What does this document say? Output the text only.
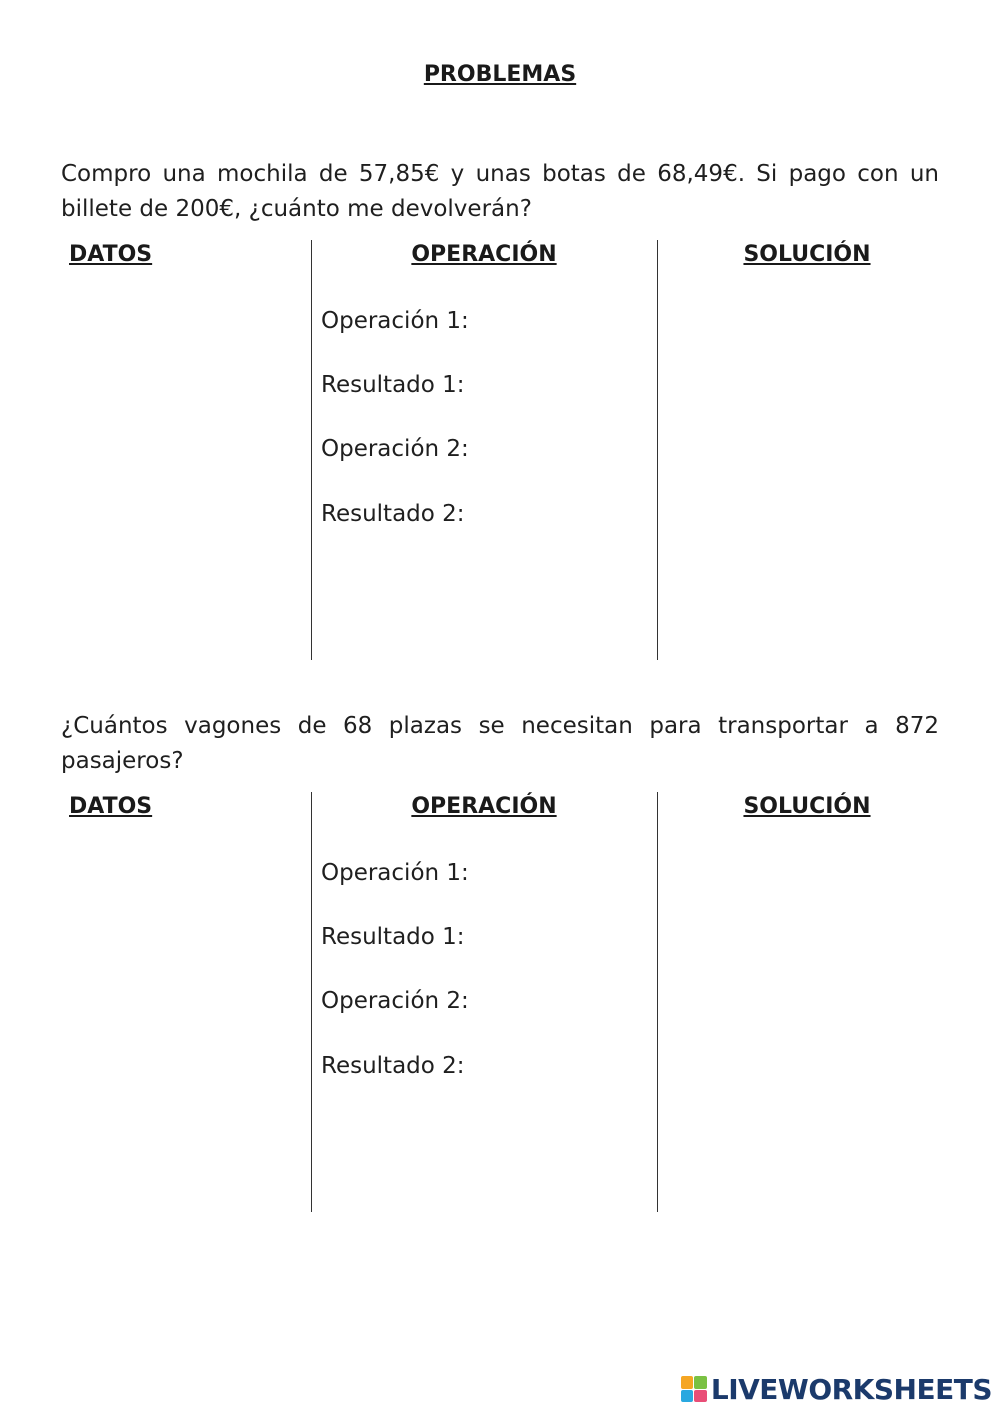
PROBLEMAS
Compro una mochila de 57,85€ y unas botas de 68,49€. Si pago con un billete de 200€, ¿cuánto me devolverán?
DATOS	OPERACIÓN	SOLUCIÓN
Operación 1:
Resultado 1:
Operación 2:
Resultado 2:
¿Cuántos vagones de 68 plazas se necesitan para transportar a 872 pasajeros?
DATOS	OPERACIÓN	SOLUCIÓN
Operación 1:
Resultado 1:
Operación 2:
Resultado 2:
LIVEWORKSHEETS
